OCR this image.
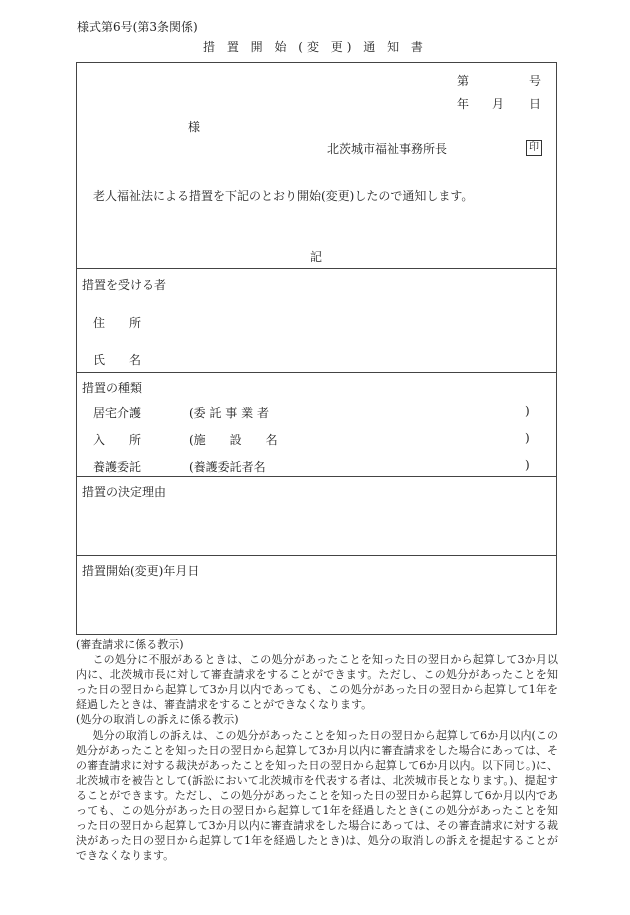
様式第6号(第3条関係)
措 置 開 始 (変 更) 通 知 書
第	号
年 月 日
様
北茨城市福祉事務所長	印
老人福祉法による措置を下記のとおり開始(変更)したので通知します。
記
措置を受ける者
住　　所
氏　　名
措置の種類
居宅介護	(委 託 事 業 者	)
入　　所	(施　　設　　名	)
養護委託	(養護委託者名	)
措置の決定理由
措置開始(変更)年月日
(審査請求に係る教示)
この処分に不服があるときは、この処分があったことを知った日の翌日から起算して3か月以内に、北茨城市長に対して審査請求をすることができます。ただし、この処分があったことを知った日の翌日から起算して3か月以内であっても、この処分があった日の翌日から起算して1年を経過したときは、審査請求をすることができなくなります。
(処分の取消しの訴えに係る教示)
処分の取消しの訴えは、この処分があったことを知った日の翌日から起算して6か月以内(この処分があったことを知った日の翌日から起算して3か月以内に審査請求をした場合にあっては、その審査請求に対する裁決があったことを知った日の翌日から起算して6か月以内。以下同じ。)に、北茨城市を被告として(訴訟において北茨城市を代表する者は、北茨城市長となります。)、提起することができます。ただし、この処分があったことを知った日の翌日から起算して6か月以内であっても、この処分があった日の翌日から起算して1年を経過したとき(この処分があったことを知った日の翌日から起算して3か月以内に審査請求をした場合にあっては、その審査請求に対する裁決があった日の翌日から起算して1年を経過したとき)は、処分の取消しの訴えを提起することができなくなります。
